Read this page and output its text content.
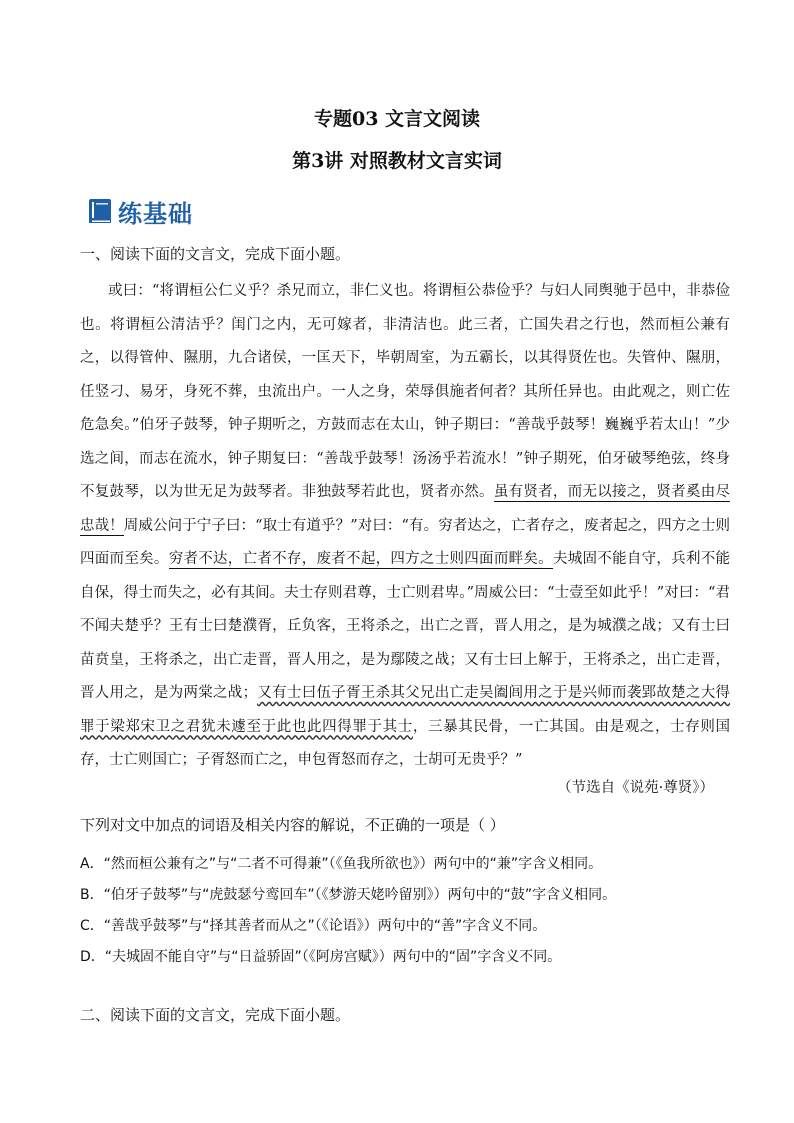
专题03 文言文阅读
第3讲 对照教材文言实词
练基础
一、阅读下面的文言文，完成下面小题。
或曰：“将谓桓公仁义乎？杀兄而立，非仁义也。将谓桓公恭俭乎？与妇人同舆驰于邑中，非恭俭也。将谓桓公清洁乎？闺门之内，无可嫁者，非清洁也。此三者，亡国失君之行也，然而桓公兼有之，以得管仲、隰朋，九合诸侯，一匡天下，毕朝周室，为五霸长，以其得贤佐也。失管仲、隰朋，任竖刁、易牙，身死不葬，虫流出户。一人之身，荣辱俱施者何者？其所任异也。由此观之，则亡佐危急矣。”伯牙子鼓琴，钟子期听之，方鼓而志在太山，钟子期曰：“善哉乎鼓琴！巍巍乎若太山！”少选之间，而志在流水，钟子期复曰：“善哉乎鼓琴！汤汤乎若流水！”钟子期死，伯牙破琴绝弦，终身不复鼓琴，以为世无足为鼓琴者。非独鼓琴若此也，贤者亦然。虽有贤者，而无以接之，贤者奚由尽忠哉！周威公问于宁子曰：“取士有道乎？”对曰：“有。穷者达之，亡者存之，废者起之，四方之士则四面而至矣。穷者不达，亡者不存，废者不起，四方之士则四面而畔矣。夫城固不能自守，兵利不能自保，得士而失之，必有其间。夫士存则君尊，士亡则君卑。”周威公曰：“士壹至如此乎！”对曰：“君不闻夫楚乎？王有士曰楚濮胥，丘负客，王将杀之，出亡之晋，晋人用之，是为城濮之战；又有士曰苗贲皇，王将杀之，出亡走晋，晋人用之，是为鄢陵之战；又有士曰上解于，王将杀之，出亡走晋，晋人用之，是为两棠之战；又有士曰伍子胥王杀其父兄出亡走吴阖闾用之于是兴师而袭郢故楚之大得罪于梁郑宋卫之君犹未遽至于此也此四得罪于其士，三暴其民骨，一亡其国。由是观之，士存则国存，士亡则国亡；子胥怒而亡之，申包胥怒而存之，士胡可无贵乎？”
（节选自《说苑·尊贤》）
下列对文中加点的词语及相关内容的解说，不正确的一项是（ ）
A．“然而桓公兼有之”与“二者不可得兼”（《鱼我所欲也》）两句中的“兼”字含义相同。
B．“伯牙子鼓琴”与“虎鼓瑟兮鸾回车”（《梦游天姥吟留别》）两句中的“鼓”字含义相同。
C．“善哉乎鼓琴”与“择其善者而从之”（《论语》）两句中的“善”字含义不同。
D．“夫城固不能自守”与“日益骄固”（《阿房宫赋》）两句中的“固”字含义不同。
二、阅读下面的文言文，完成下面小题。
